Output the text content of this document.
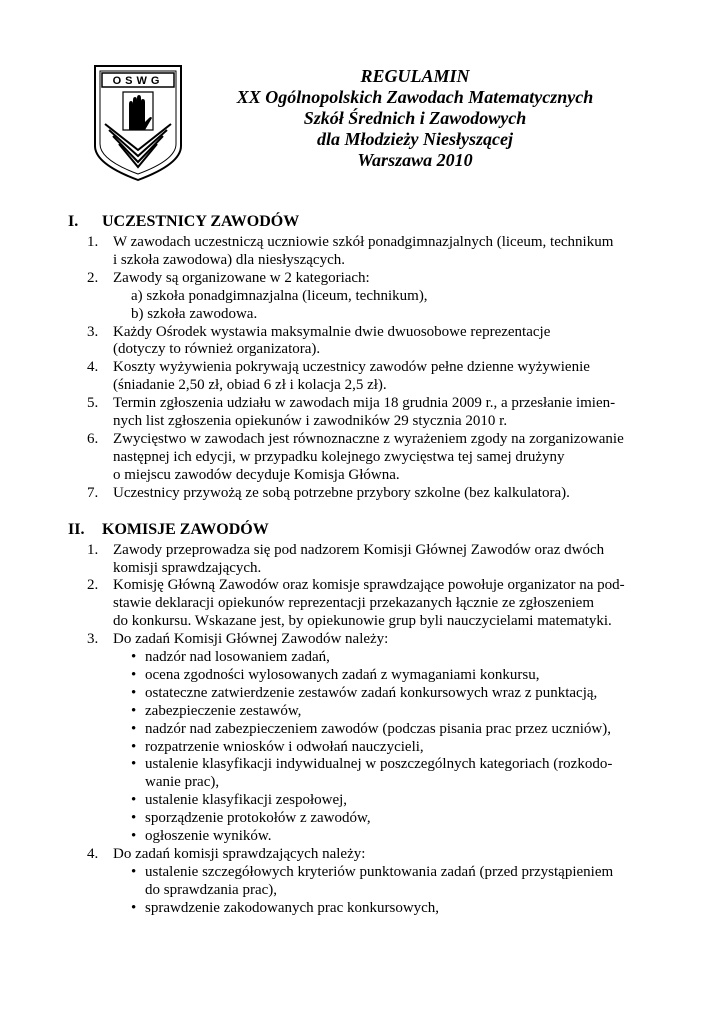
OSWG	REGULAMIN
XX Ogólnopolskich Zawodach Matematycznych
Szkół Średnich i Zawodowych
dla Młodzieży Niesłyszącej
Warszawa 2010
I. UCZESTNICY ZAWODÓW
1. W zawodach uczestniczą uczniowie szkół ponadgimnazjalnych (liceum, technikum
i szkoła zawodowa) dla niesłyszących.
2. Zawody są organizowane w 2 kategoriach:
a) szkoła ponadgimnazjalna (liceum, technikum),
b) szkoła zawodowa.
3. Każdy Ośrodek wystawia maksymalnie dwie dwuosobowe reprezentacje
(dotyczy to również organizatora).
4. Koszty wyżywienia pokrywają uczestnicy zawodów pełne dzienne wyżywienie
(śniadanie 2,50 zł, obiad 6 zł i kolacja 2,5 zł).
5. Termin zgłoszenia udziału w zawodach mija 18 grudnia 2009 r., a przesłanie imien-
nych list zgłoszenia opiekunów i zawodników 29 stycznia 2010 r.
6. Zwycięstwo w zawodach jest równoznaczne z wyrażeniem zgody na zorganizowanie
następnej ich edycji, w przypadku kolejnego zwycięstwa tej samej drużyny
o miejscu zawodów decyduje Komisja Główna.
7. Uczestnicy przywożą ze sobą potrzebne przybory szkolne (bez kalkulatora).
II. KOMISJE ZAWODÓW
1. Zawody przeprowadza się pod nadzorem Komisji Głównej Zawodów oraz dwóch
komisji sprawdzających.
2. Komisję Główną Zawodów oraz komisje sprawdzające powołuje organizator na pod-
stawie deklaracji opiekunów reprezentacji przekazanych łącznie ze zgłoszeniem
do konkursu. Wskazane jest, by opiekunowie grup byli nauczycielami matematyki.
3. Do zadań Komisji Głównej Zawodów należy:
• nadzór nad losowaniem zadań,
• ocena zgodności wylosowanych zadań z wymaganiami konkursu,
• ostateczne zatwierdzenie zestawów zadań konkursowych wraz z punktacją,
• zabezpieczenie zestawów,
• nadzór nad zabezpieczeniem zawodów (podczas pisania prac przez uczniów),
• rozpatrzenie wniosków i odwołań nauczycieli,
• ustalenie klasyfikacji indywidualnej w poszczególnych kategoriach (rozkodo-
wanie prac),
• ustalenie klasyfikacji zespołowej,
• sporządzenie protokołów z zawodów,
• ogłoszenie wyników.
4. Do zadań komisji sprawdzających należy:
• ustalenie szczegółowych kryteriów punktowania zadań (przed przystąpieniem
do sprawdzania prac),
• sprawdzenie zakodowanych prac konkursowych,
